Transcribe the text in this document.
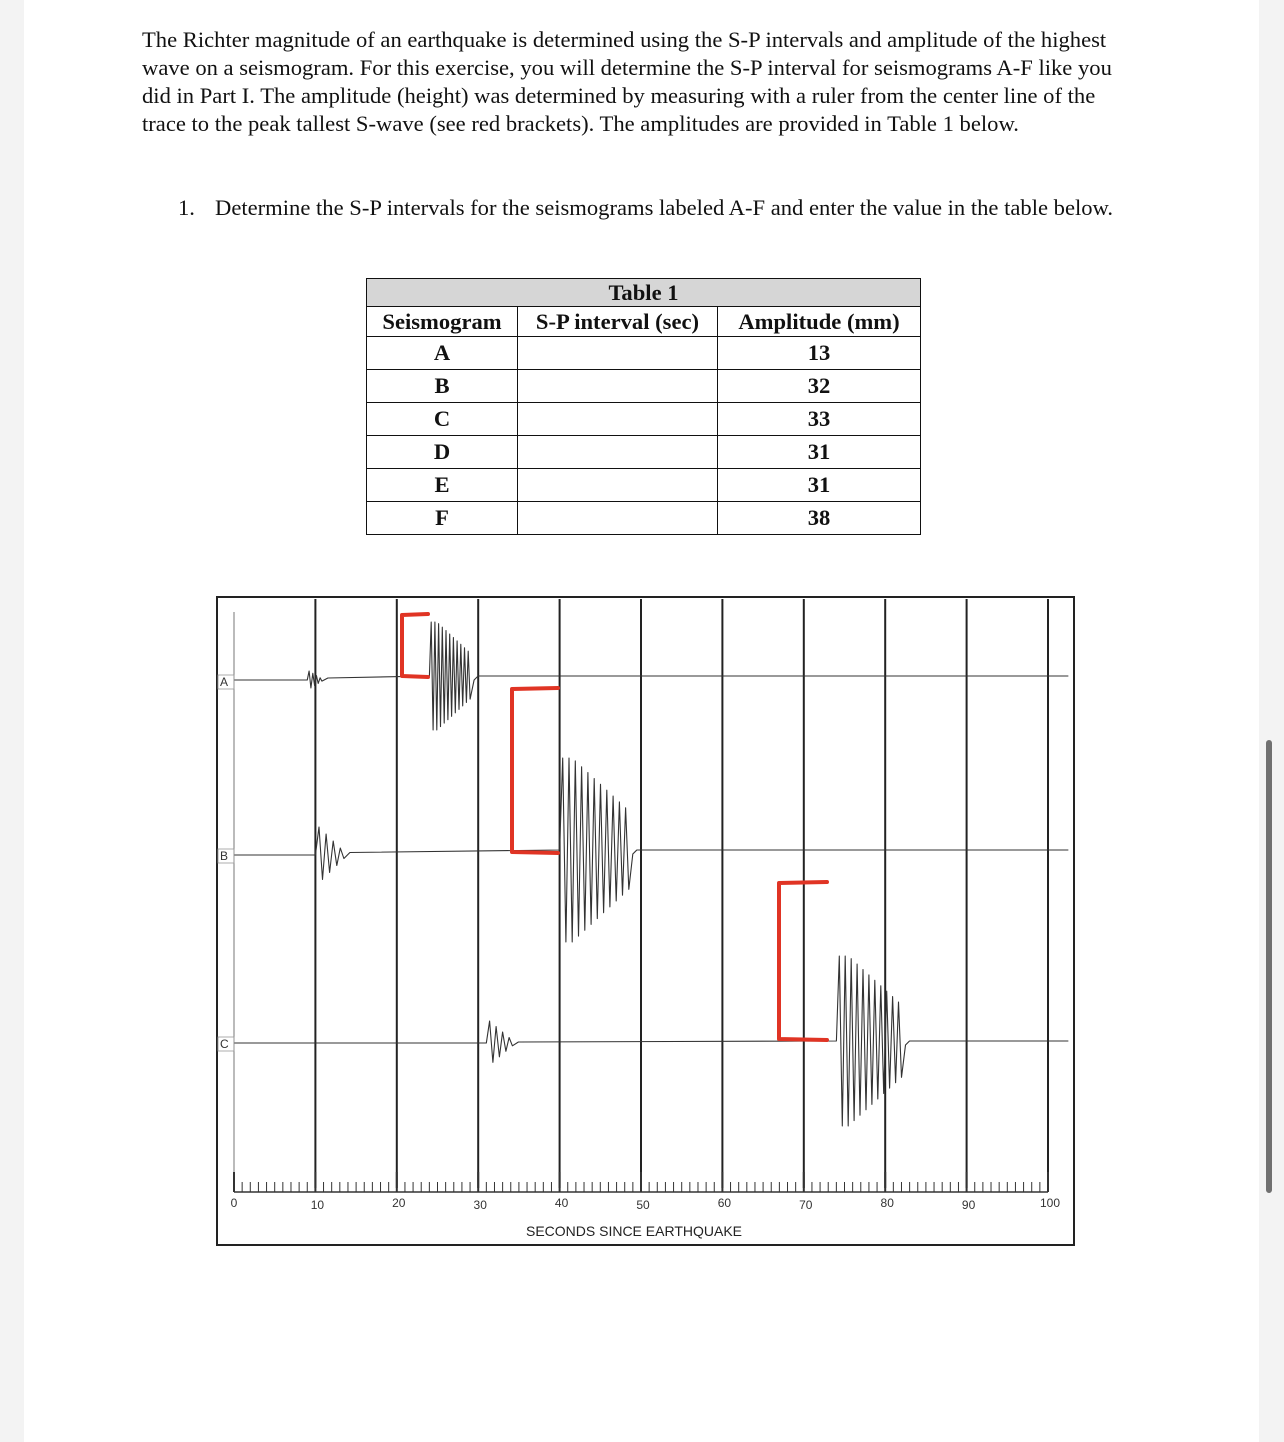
The Richter magnitude of an earthquake is determined using the S-P intervals and amplitude of the highest wave on a seismogram. For this exercise, you will determine the S-P interval for seismograms A-F like you did in Part I. The amplitude (height) was determined by measuring with a ruler from the center line of the trace to the peak tallest S-wave (see red brackets). The amplitudes are provided in Table 1 below.

1. Determine the S-P intervals for the seismograms labeled A-F and enter the value in the table below.
Table 1		
Seismogram	S-P interval (sec)	Amplitude (mm)
A		13
B		32
C		33
D		31
E		31
F		38
0	10	20	30	40	50	60	70	80	90	100
A
B
C
SECONDS SINCE EARTHQUAKE
